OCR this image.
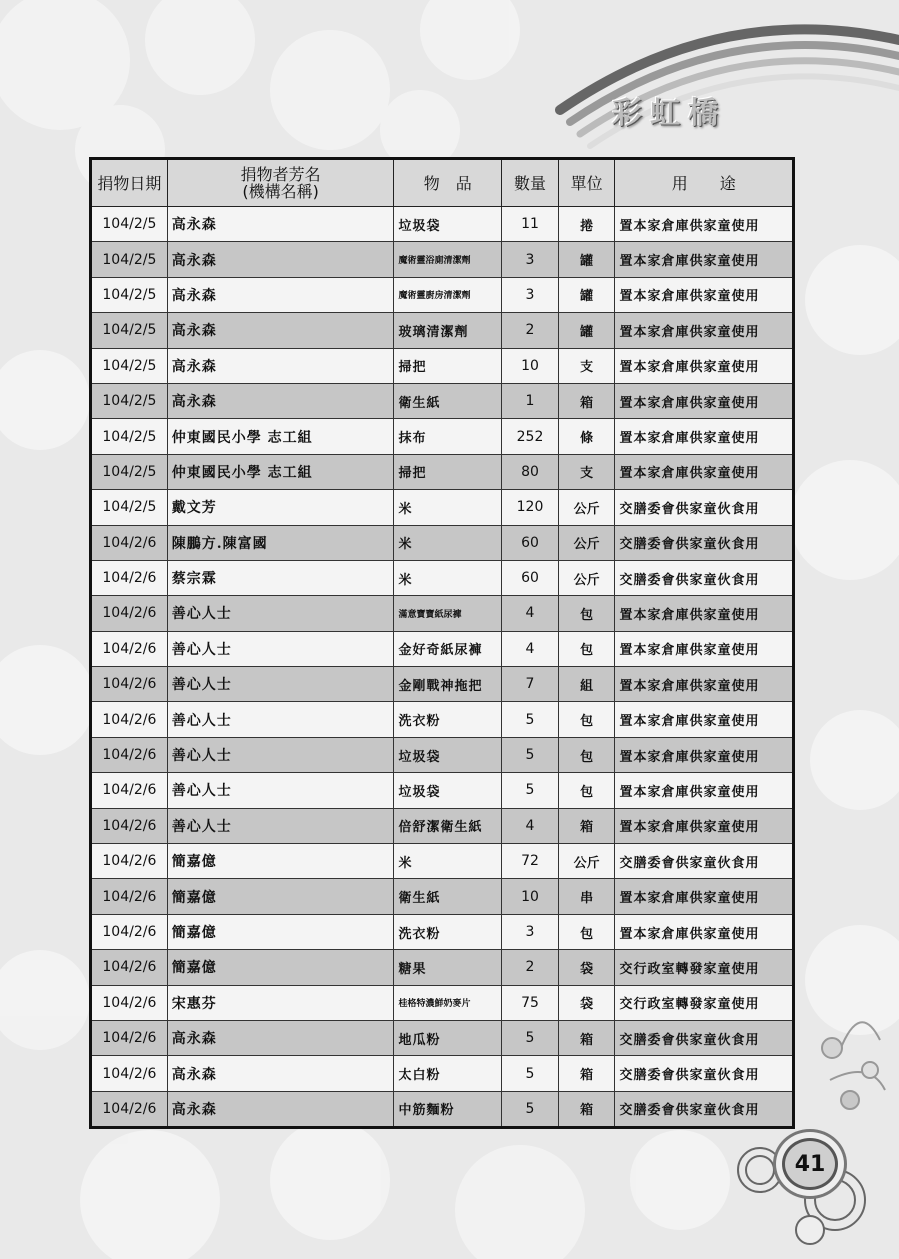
彩虹橋
捐物日期	捐物者芳名
(機構名稱)	物　品	數量	單位	用　　途
104/2/5	高永森	垃圾袋	11	捲	置本家倉庫供家童使用
104/2/5	高永森	魔術靈浴廁清潔劑	3	罐	置本家倉庫供家童使用
104/2/5	高永森	魔術靈廚房清潔劑	3	罐	置本家倉庫供家童使用
104/2/5	高永森	玻璃清潔劑	2	罐	置本家倉庫供家童使用
104/2/5	高永森	掃把	10	支	置本家倉庫供家童使用
104/2/5	高永森	衛生紙	1	箱	置本家倉庫供家童使用
104/2/5	仲東國民小學 志工組	抹布	252	條	置本家倉庫供家童使用
104/2/5	仲東國民小學 志工組	掃把	80	支	置本家倉庫供家童使用
104/2/5	戴文芳	米	120	公斤	交膳委會供家童伙食用
104/2/6	陳鵬方.陳富國	米	60	公斤	交膳委會供家童伙食用
104/2/6	蔡宗霖	米	60	公斤	交膳委會供家童伙食用
104/2/6	善心人士	滿意寶寶紙尿褲	4	包	置本家倉庫供家童使用
104/2/6	善心人士	金好奇紙尿褲	4	包	置本家倉庫供家童使用
104/2/6	善心人士	金剛戰神拖把	7	組	置本家倉庫供家童使用
104/2/6	善心人士	洗衣粉	5	包	置本家倉庫供家童使用
104/2/6	善心人士	垃圾袋	5	包	置本家倉庫供家童使用
104/2/6	善心人士	垃圾袋	5	包	置本家倉庫供家童使用
104/2/6	善心人士	倍舒潔衛生紙	4	箱	置本家倉庫供家童使用
104/2/6	簡嘉億	米	72	公斤	交膳委會供家童伙食用
104/2/6	簡嘉億	衛生紙	10	串	置本家倉庫供家童使用
104/2/6	簡嘉億	洗衣粉	3	包	置本家倉庫供家童使用
104/2/6	簡嘉億	糖果	2	袋	交行政室轉發家童使用
104/2/6	宋惠芬	桂格特濃鮮奶麥片	75	袋	交行政室轉發家童使用
104/2/6	高永森	地瓜粉	5	箱	交膳委會供家童伙食用
104/2/6	高永森	太白粉	5	箱	交膳委會供家童伙食用
104/2/6	高永森	中筋麵粉	5	箱	交膳委會供家童伙食用
41
